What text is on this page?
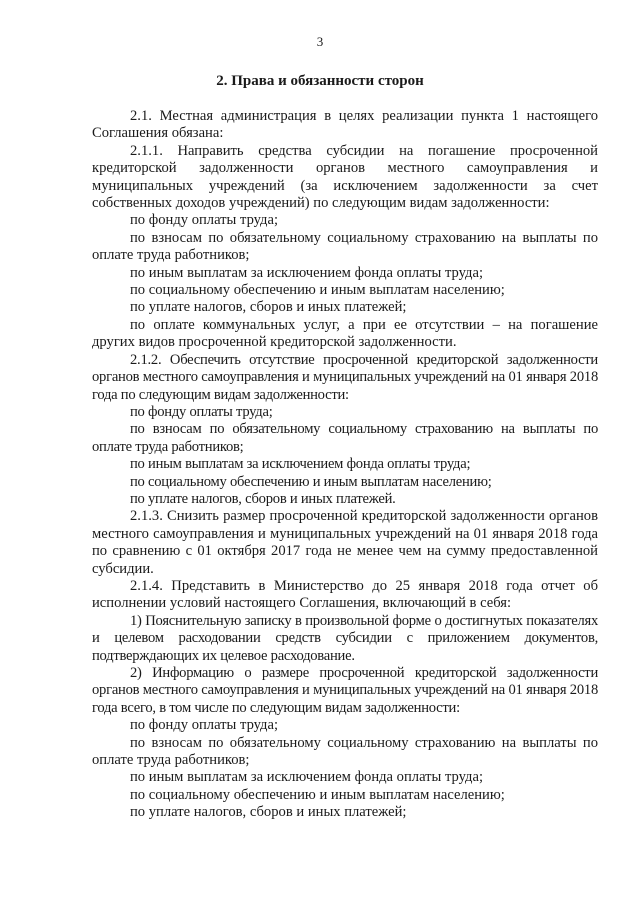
3
2. Права и обязанности сторон

2.1. Местная администрация в целях реализации пункта 1 настоящего Соглашения обязана:

2.1.1. Направить средства субсидии на погашение просроченной кредиторской задолженности органов местного самоуправления и муниципальных учреждений (за исключением задолженности за счет собственных доходов учреждений) по следующим видам задолженности:

по фонду оплаты труда;

по взносам по обязательному социальному страхованию на выплаты по оплате труда работников;

по иным выплатам за исключением фонда оплаты труда;

по социальному обеспечению и иным выплатам населению;

по уплате налогов, сборов и иных платежей;

по оплате коммунальных услуг, а при ее отсутствии – на погашение других видов просроченной кредиторской задолженности.

2.1.2. Обеспечить отсутствие просроченной кредиторской задолженности органов местного самоуправления и муниципальных учреждений на 01 января 2018 года по следующим видам задолженности:

по фонду оплаты труда;

по взносам по обязательному социальному страхованию на выплаты по оплате труда работников;

по иным выплатам за исключением фонда оплаты труда;

по социальному обеспечению и иным выплатам населению;

по уплате налогов, сборов и иных платежей.

2.1.3. Снизить размер просроченной кредиторской задолженности органов местного самоуправления и муниципальных учреждений на 01 января 2018 года по сравнению с 01 октября 2017 года не менее чем на сумму предоставленной субсидии.

2.1.4. Представить в Министерство до 25 января 2018 года отчет об исполнении условий настоящего Соглашения, включающий в себя:

1) Пояснительную записку в произвольной форме о достигнутых показателях и целевом расходовании средств субсидии с приложением документов, подтверждающих их целевое расходование.

2) Информацию о размере просроченной кредиторской задолженности органов местного самоуправления и муниципальных учреждений на 01 января 2018 года всего, в том числе по следующим видам задолженности:

по фонду оплаты труда;

по взносам по обязательному социальному страхованию на выплаты по оплате труда работников;

по иным выплатам за исключением фонда оплаты труда;

по социальному обеспечению и иным выплатам населению;

по уплате налогов, сборов и иных платежей;
